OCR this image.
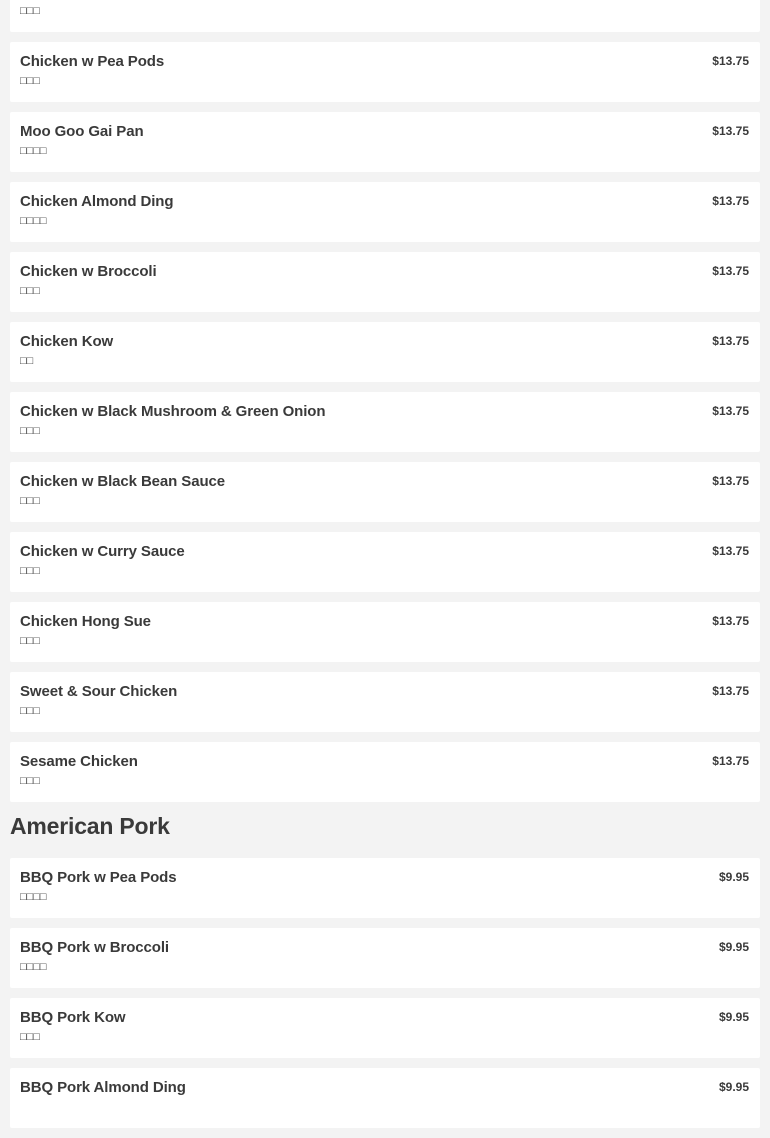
□□□
Chicken w Pea Pods
□□□
$13.75
Moo Goo Gai Pan
□□□□
$13.75
Chicken Almond Ding
□□□□
$13.75
Chicken w Broccoli
□□□
$13.75
Chicken Kow
□□
$13.75
Chicken w Black Mushroom & Green Onion
□□□
$13.75
Chicken w Black Bean Sauce
□□□
$13.75
Chicken w Curry Sauce
□□□
$13.75
Chicken Hong Sue
□□□
$13.75
Sweet & Sour Chicken
□□□
$13.75
Sesame Chicken
□□□
$13.75
American Pork
BBQ Pork w Pea Pods
□□□□
$9.95
BBQ Pork w Broccoli
□□□□
$9.95
BBQ Pork Kow
□□□
$9.95
BBQ Pork Almond Ding	$9.95
